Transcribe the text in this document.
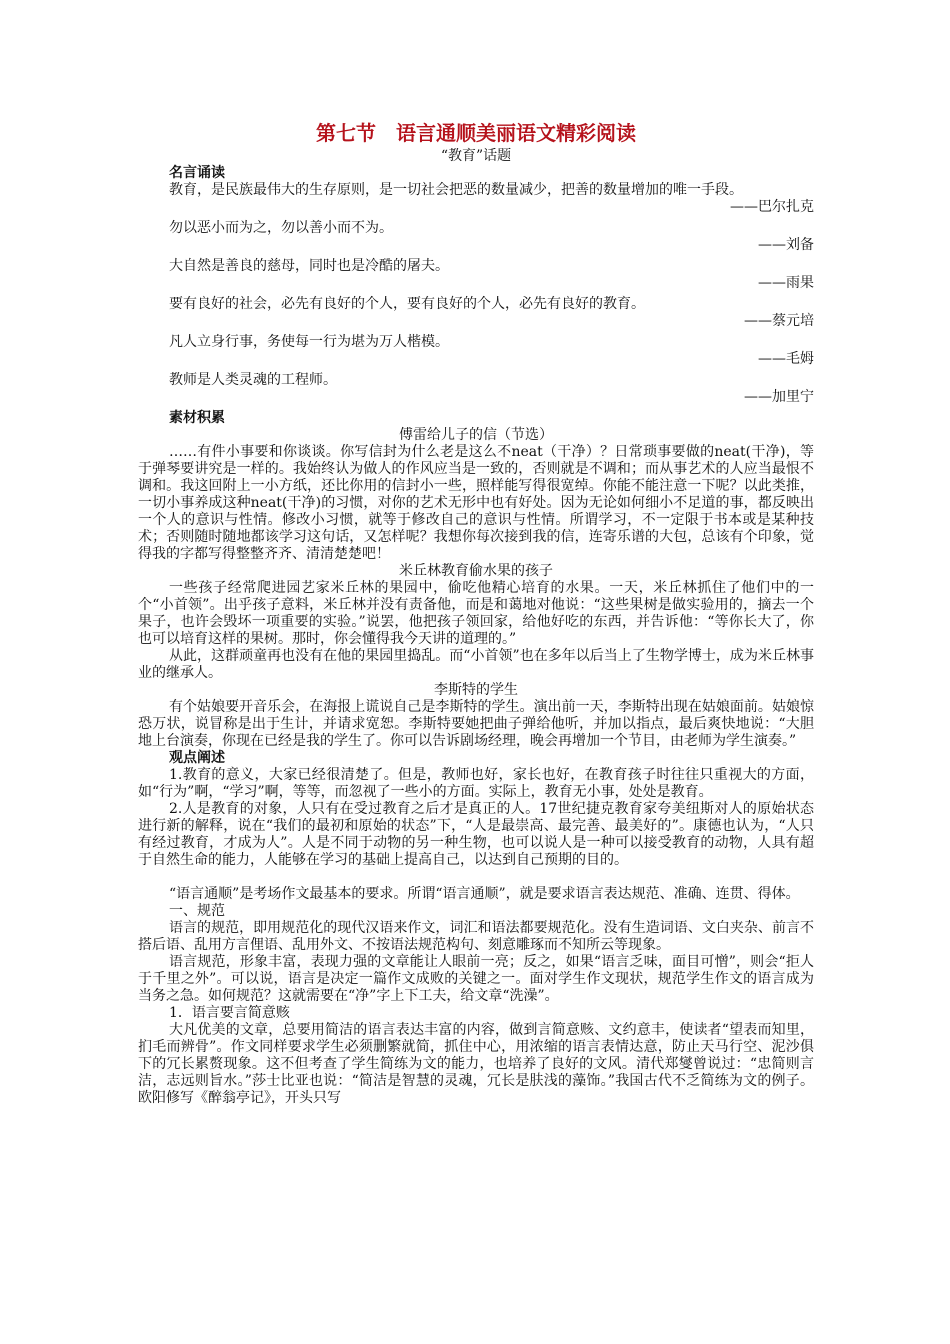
第七节　语言通顺美丽语文精彩阅读
“教育”话题
名言诵读

教育，是民族最伟大的生存原则，是一切社会把恶的数量减少，把善的数量增加的唯一手段。

——巴尔扎克

勿以恶小而为之，勿以善小而不为。

——刘备

大自然是善良的慈母，同时也是冷酷的屠夫。

——雨果

要有良好的社会，必先有良好的个人，要有良好的个人，必先有良好的教育。

——蔡元培

凡人立身行事，务使每一行为堪为万人楷模。

——毛姆

教师是人类灵魂的工程师。

——加里宁

素材积累
傅雷给儿子的信（节选）

……有件小事要和你谈谈。你写信封为什么老是这么不neat（干净）？日常琐事要做的neat(干净)，等于弹琴要讲究是一样的。我始终认为做人的作风应当是一致的，否则就是不调和；而从事艺术的人应当最恨不调和。我这回附上一小方纸，还比你用的信封小一些，照样能写得很宽绰。你能不能注意一下呢？以此类推，一切小事养成这种neat(干净)的习惯，对你的艺术无形中也有好处。因为无论如何细小不足道的事，都反映出一个人的意识与性情。修改小习惯，就等于修改自己的意识与性情。所谓学习，不一定限于书本或是某种技术；否则随时随地都该学习这句话，又怎样呢？我想你每次接到我的信，连寄乐谱的大包，总该有个印象，觉得我的字都写得整整齐齐、清清楚楚吧！

米丘林教育偷水果的孩子

一些孩子经常爬进园艺家米丘林的果园中，偷吃他精心培育的水果。一天，米丘林抓住了他们中的一个“小首领”。出乎孩子意料，米丘林并没有责备他，而是和蔼地对他说：“这些果树是做实验用的，摘去一个果子，也许会毁坏一项重要的实验。”说罢，他把孩子领回家，给他好吃的东西，并告诉他：“等你长大了，你也可以培育这样的果树。那时，你会懂得我今天讲的道理的。”

从此，这群顽童再也没有在他的果园里捣乱。而“小首领”也在多年以后当上了生物学博士，成为米丘林事业的继承人。

李斯特的学生

有个姑娘要开音乐会，在海报上谎说自己是李斯特的学生。演出前一天，李斯特出现在姑娘面前。姑娘惊恐万状，说冒称是出于生计，并请求宽恕。李斯特要她把曲子弹给他听，并加以指点，最后爽快地说：“大胆地上台演奏，你现在已经是我的学生了。你可以告诉剧场经理，晚会再增加一个节目，由老师为学生演奏。”

观点阐述

1.教育的意义，大家已经很清楚了。但是，教师也好，家长也好，在教育孩子时往往只重视大的方面，如“行为”啊，“学习”啊，等等，而忽视了一些小的方面。实际上，教育无小事，处处是教育。

2.人是教育的对象，人只有在受过教育之后才是真正的人。17世纪捷克教育家夸美纽斯对人的原始状态进行新的解释，说在“我们的最初和原始的状态”下，“人是最崇高、最完善、最美好的”。康德也认为，“人只有经过教育，才成为人”。人是不同于动物的另一种生物，也可以说人是一种可以接受教育的动物，人具有超于自然生命的能力，人能够在学习的基础上提高自己，以达到自己预期的目的。

“语言通顺”是考场作文最基本的要求。所谓“语言通顺”，就是要求语言表达规范、准确、连贯、得体。

一、规范

语言的规范，即用规范化的现代汉语来作文，词汇和语法都要规范化。没有生造词语、文白夹杂、前言不搭后语、乱用方言俚语、乱用外文、不按语法规范构句、刻意雕琢而不知所云等现象。

语言规范，形象丰富，表现力强的文章能让人眼前一亮；反之，如果“语言乏味，面目可憎”，则会“拒人于千里之外”。可以说，语言是决定一篇作文成败的关键之一。面对学生作文现状，规范学生作文的语言成为当务之急。如何规范？这就需要在“净”字上下工夫，给文章“洗澡”。

1．语言要言简意赅

大凡优美的文章，总要用简洁的语言表达丰富的内容，做到言简意赅、文约意丰，使读者“望表而知里，扪毛而辨骨”。作文同样要求学生必须删繁就简，抓住中心，用浓缩的语言表情达意，防止天马行空、泥沙俱下的冗长累赘现象。这不但考查了学生简练为文的能力，也培养了良好的文风。清代郑燮曾说过：“忠简则言洁，志远则旨水。”莎士比亚也说：“简洁是智慧的灵魂，冗长是肤浅的藻饰。”我国古代不乏简练为文的例子。欧阳修写《醉翁亭记》，开头只写
